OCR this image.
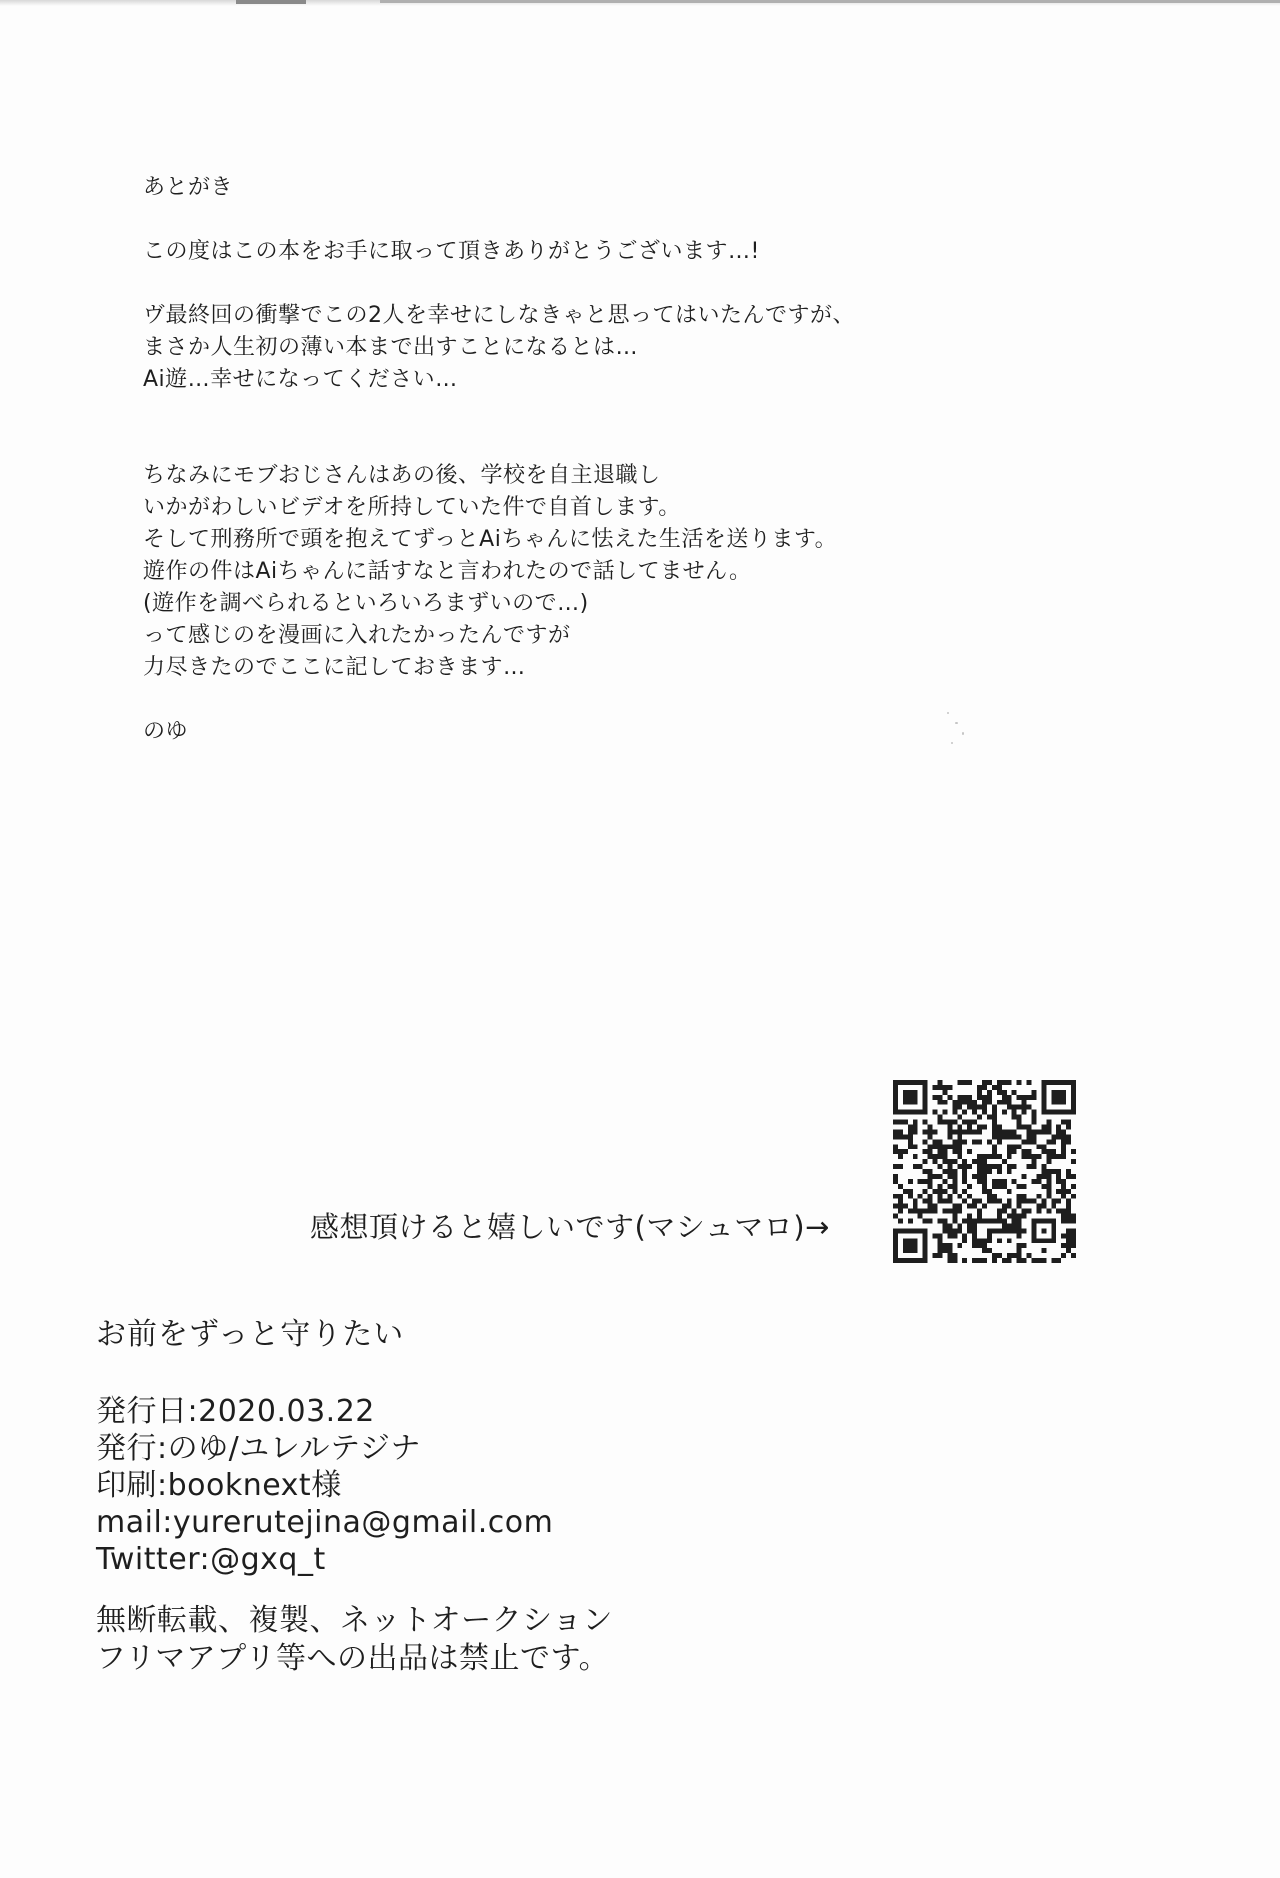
あとがき

この度はこの本をお手に取って頂きありがとうございます…!

ヴ最終回の衝撃でこの2人を幸せにしなきゃと思ってはいたんですが、

まさか人生初の薄い本まで出すことになるとは…

Ai遊…幸せになってください…

ちなみにモブおじさんはあの後、学校を自主退職し

いかがわしいビデオを所持していた件で自首します。

そして刑務所で頭を抱えてずっとAiちゃんに怯えた生活を送ります。

遊作の件はAiちゃんに話すなと言われたので話してません。

(遊作を調べられるといろいろまずいので…)

って感じのを漫画に入れたかったんですが

力尽きたのでここに記しておきます…

のゆ

感想頂けると嬉しいです(マシュマロ)→

お前をずっと守りたい

発行日:2020.03.22

発行:のゆ/ユレルテジナ

印刷:booknext様

mail:yurerutejina@gmail.com

Twitter:@gxq_t

無断転載、複製、ネットオークション

フリマアプリ等への出品は禁止です。
